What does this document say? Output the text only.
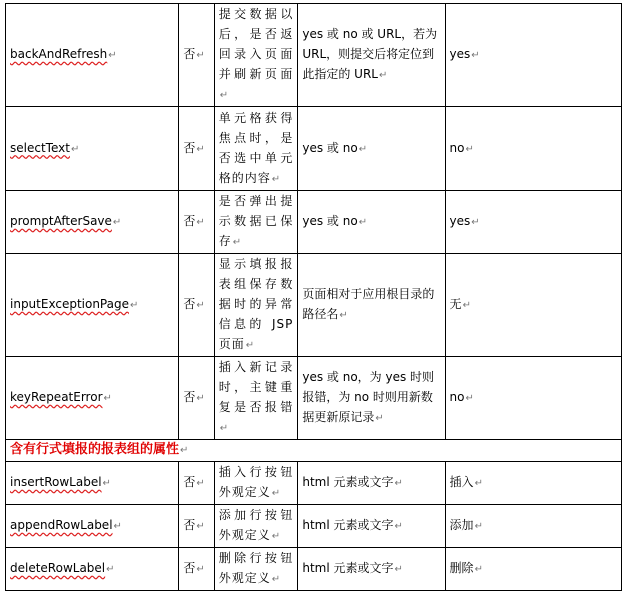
backAndRefresh↵	否↵	提交数据以后，是否返回录入页面并刷新页面↵	yes 或 no 或 URL，若为 URL，则提交后将定位到此指定的 URL↵	yes↵
selectText↵	否↵	单元格获得焦点时，是否选中单元格的内容↵	yes 或 no↵	no↵
promptAfterSave↵	否↵	是否弹出提示数据已保存↵	yes 或 no↵	yes↵
inputExceptionPage↵	否↵	显示填报报表组保存数据时的异常信息的 JSP 页面↵	页面相对于应用根目录的路径名↵	无↵
keyRepeatError↵	否↵	插入新记录时，主键重复是否报错↵	yes 或 no，为 yes 时则报错，为 no 时则用新数据更新原记录↵	no↵
含有行式填报的报表组的属性↵				
insertRowLabel↵	否↵	插入行按钮外观定义↵	html 元素或文字↵	插入↵
appendRowLabel↵	否↵	添加行按钮外观定义↵	html 元素或文字↵	添加↵
deleteRowLabel↵	否↵	删除行按钮外观定义↵	html 元素或文字↵	删除↵
